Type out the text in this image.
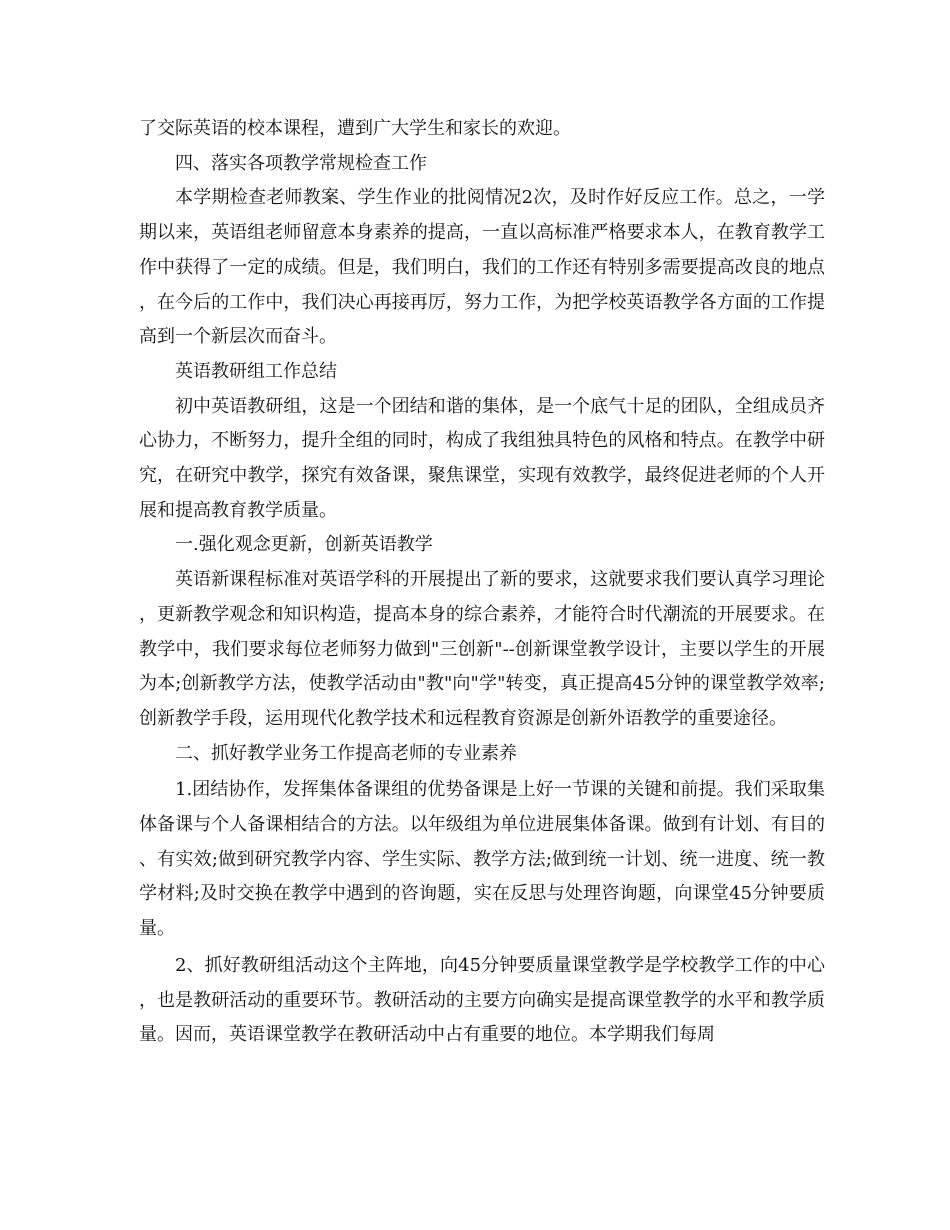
了交际英语的校本课程，遭到广大学生和家长的欢迎。

四、落实各项教学常规检查工作

本学期检查老师教案、学生作业的批阅情况2次，及时作好反应工作。总之，一学期以来，英语组老师留意本身素养的提高，一直以高标准严格要求本人，在教育教学工作中获得了一定的成绩。但是，我们明白，我们的工作还有特别多需要提高改良的地点，在今后的工作中，我们决心再接再厉，努力工作，为把学校英语教学各方面的工作提高到一个新层次而奋斗。

英语教研组工作总结

初中英语教研组，这是一个团结和谐的集体，是一个底气十足的团队，全组成员齐心协力，不断努力，提升全组的同时，构成了我组独具特色的风格和特点。在教学中研究，在研究中教学，探究有效备课，聚焦课堂，实现有效教学，最终促进老师的个人开展和提高教育教学质量。

一.强化观念更新，创新英语教学

英语新课程标准对英语学科的开展提出了新的要求，这就要求我们要认真学习理论，更新教学观念和知识构造，提高本身的综合素养，才能符合时代潮流的开展要求。在教学中，我们要求每位老师努力做到"三创新"--创新课堂教学设计，主要以学生的开展为本;创新教学方法，使教学活动由"教"向"学"转变，真正提高45分钟的课堂教学效率;创新教学手段，运用现代化教学技术和远程教育资源是创新外语教学的重要途径。

二、抓好教学业务工作提高老师的专业素养

1.团结协作，发挥集体备课组的优势备课是上好一节课的关键和前提。我们采取集体备课与个人备课相结合的方法。以年级组为单位进展集体备课。做到有计划、有目的、有实效;做到研究教学内容、学生实际、教学方法;做到统一计划、统一进度、统一教学材料;及时交换在教学中遇到的咨询题，实在反思与处理咨询题，向课堂45分钟要质量。

2、抓好教研组活动这个主阵地，向45分钟要质量课堂教学是学校教学工作的中心，也是教研活动的重要环节。教研活动的主要方向确实是提高课堂教学的水平和教学质量。因而，英语课堂教学在教研活动中占有重要的地位。本学期我们每周
